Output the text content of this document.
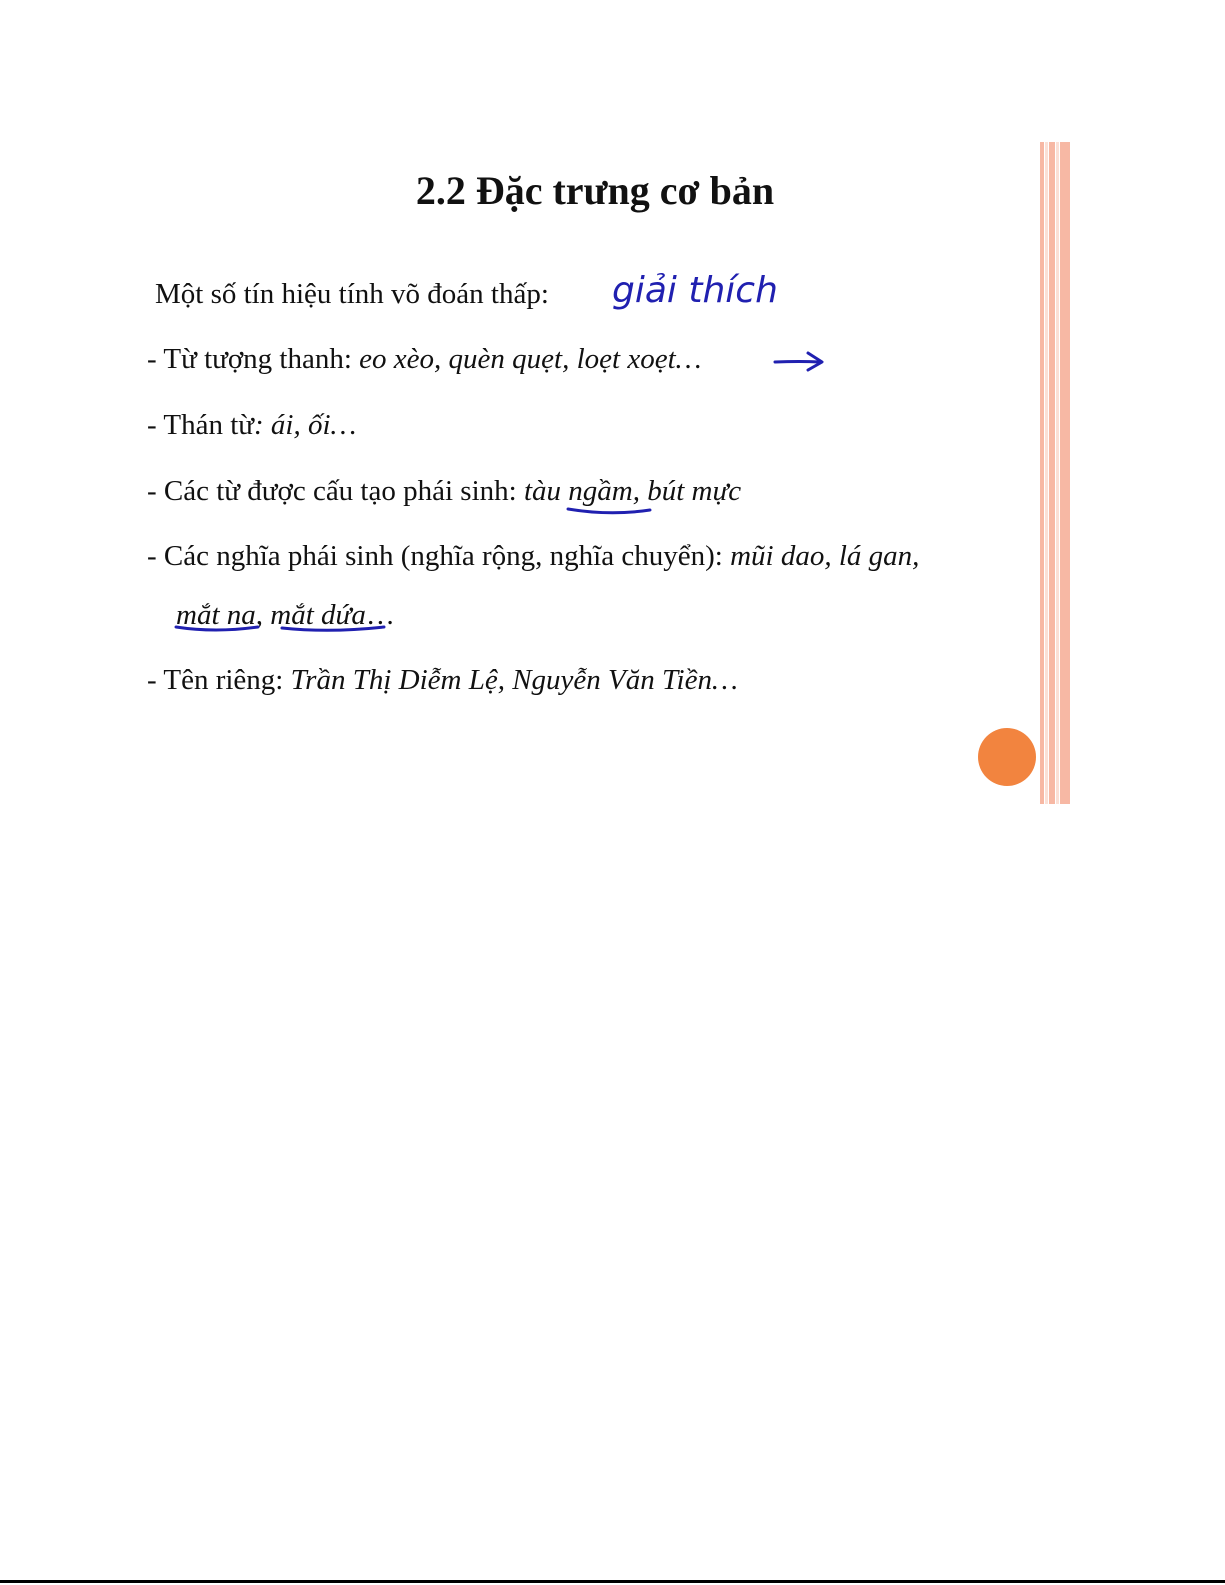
2.2 Đặc trưng cơ bản
Một số tín hiệu tính võ đoán thấp:
- Từ tượng thanh: eo xèo, quèn quẹt, loẹt xoẹt…
- Thán từ: ái, ối…
- Các từ được cấu tạo phái sinh: tàu ngầm, bút mực
- Các nghĩa phái sinh (nghĩa rộng, nghĩa chuyển): mũi dao, lá gan,
mắt na, mắt dứa…
- Tên riêng: Trần Thị Diễm Lệ, Nguyễn Văn Tiền…
giải thích
